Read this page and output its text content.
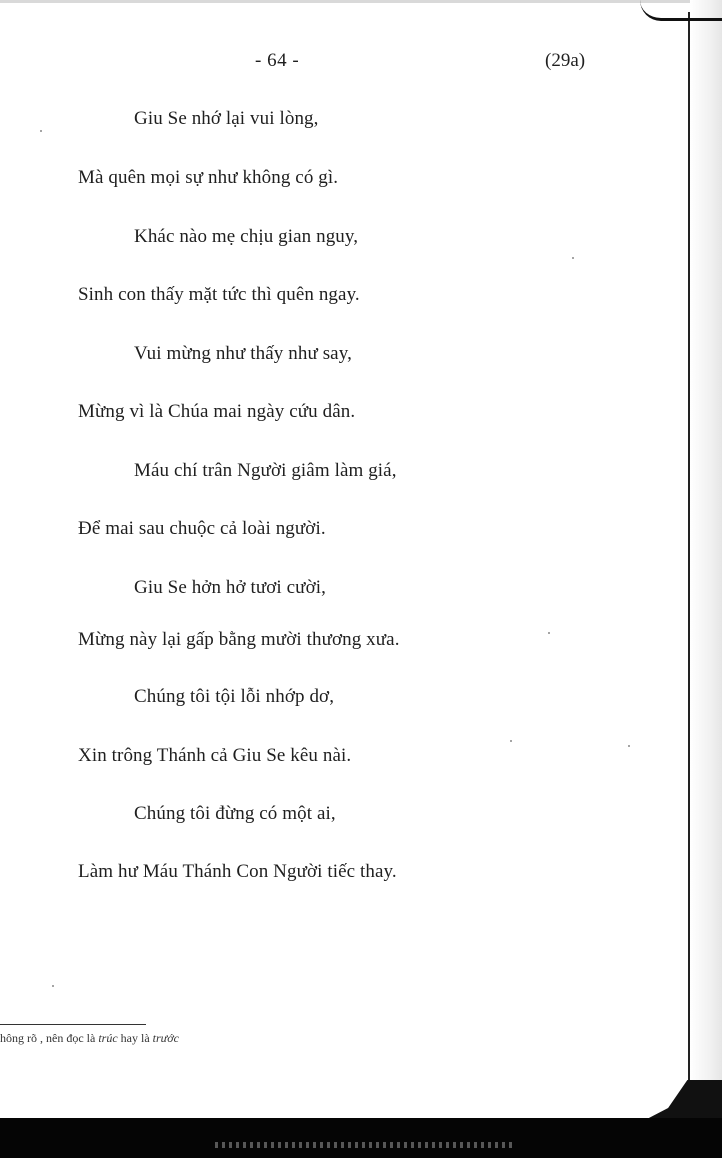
- 64 -	(29a)
Giu Se nhớ lại vui lòng,
Mà quên mọi sự như không có gì.
Khác nào mẹ chịu gian nguy,
Sinh con thấy mặt tức thì quên ngay.
Vui mừng như thấy như say,
Mừng vì là Chúa mai ngày cứu dân.
Máu chí trân Người giâm làm giá,
Để mai sau chuộc cả loài người.
Giu Se hởn hở tươi cười,
Mừng này lại gấp bằng mười thương xưa.
Chúng tôi tội lỗi nhớp dơ,
Xin trông Thánh cả Giu Se kêu nài.
Chúng tôi đừng có một ai,
Làm hư Máu Thánh Con Người tiếc thay.
hông rõ , nên đọc là trúc hay là trước
